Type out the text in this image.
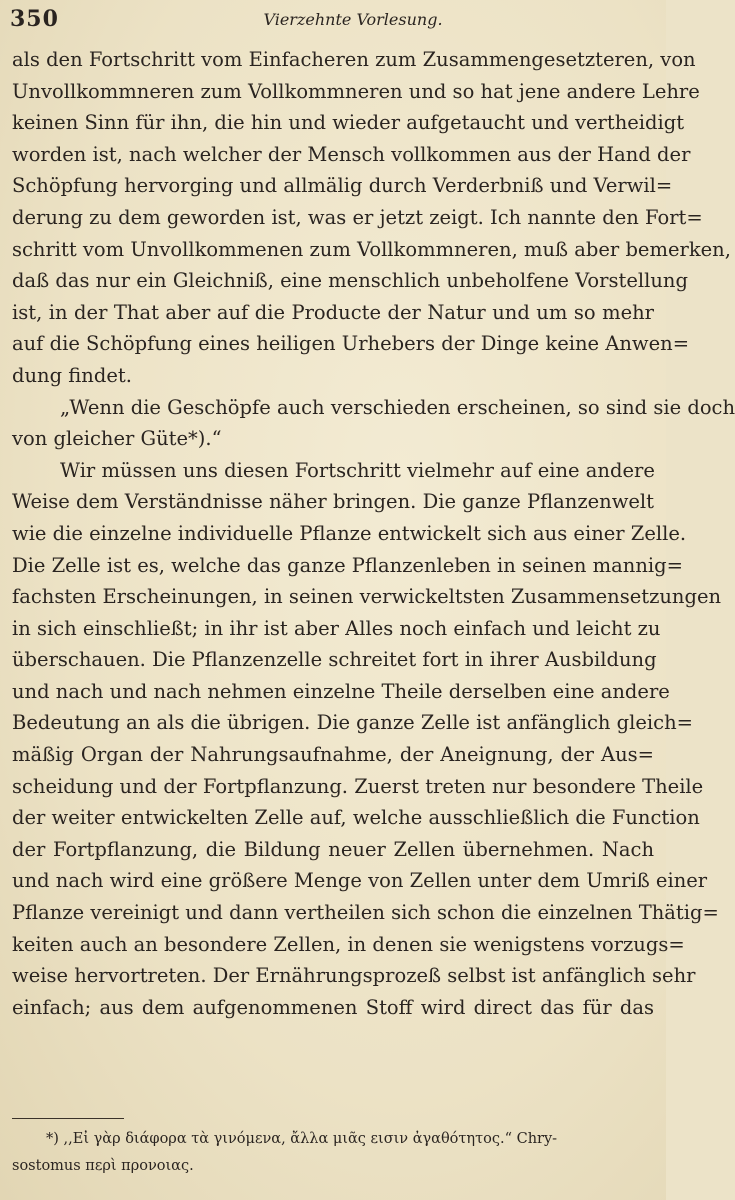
350	Vierzehnte Vorlesung.
als den Fortschritt vom Einfacheren zum Zusammengesetzteren, von
Unvollkommneren zum Vollkommneren und so hat jene andere Lehre
keinen Sinn für ihn, die hin und wieder aufgetaucht und vertheidigt
worden ist, nach welcher der Mensch vollkommen aus der Hand der
Schöpfung hervorging und allmälig durch Verderbniß und Verwil=
derung zu dem geworden ist, was er jetzt zeigt. Ich nannte den Fort=
schritt vom Unvollkommenen zum Vollkommneren, muß aber bemerken,
daß das nur ein Gleichniß, eine menschlich unbeholfene Vorstellung
ist, in der That aber auf die Producte der Natur und um so mehr
auf die Schöpfung eines heiligen Urhebers der Dinge keine Anwen=
dung findet.
„Wenn die Geschöpfe auch verschieden erscheinen, so sind sie doch
von gleicher Güte*).“
Wir müssen uns diesen Fortschritt vielmehr auf eine andere
Weise dem Verständnisse näher bringen. Die ganze Pflanzenwelt
wie die einzelne individuelle Pflanze entwickelt sich aus einer Zelle.
Die Zelle ist es, welche das ganze Pflanzenleben in seinen mannig=
fachsten Erscheinungen, in seinen verwickeltsten Zusammensetzungen
in sich einschließt; in ihr ist aber Alles noch einfach und leicht zu
überschauen. Die Pflanzenzelle schreitet fort in ihrer Ausbildung
und nach und nach nehmen einzelne Theile derselben eine andere
Bedeutung an als die übrigen. Die ganze Zelle ist anfänglich gleich=
mäßig Organ der Nahrungsaufnahme, der Aneignung, der Aus=
scheidung und der Fortpflanzung. Zuerst treten nur besondere Theile
der weiter entwickelten Zelle auf, welche ausschließlich die Function
der Fortpflanzung, die Bildung neuer Zellen übernehmen. Nach
und nach wird eine größere Menge von Zellen unter dem Umriß einer
Pflanze vereinigt und dann vertheilen sich schon die einzelnen Thätig=
keiten auch an besondere Zellen, in denen sie wenigstens vorzugs=
weise hervortreten. Der Ernährungsprozeß selbst ist anfänglich sehr
einfach; aus dem aufgenommenen Stoff wird direct das für das
*) ,,Εἰ γὰρ διάφορα τὰ γινόμενα, ἄλλα μιᾶς εισιν ἀγαθότητος.“ Chry-
sostomus περὶ προνοιας.
